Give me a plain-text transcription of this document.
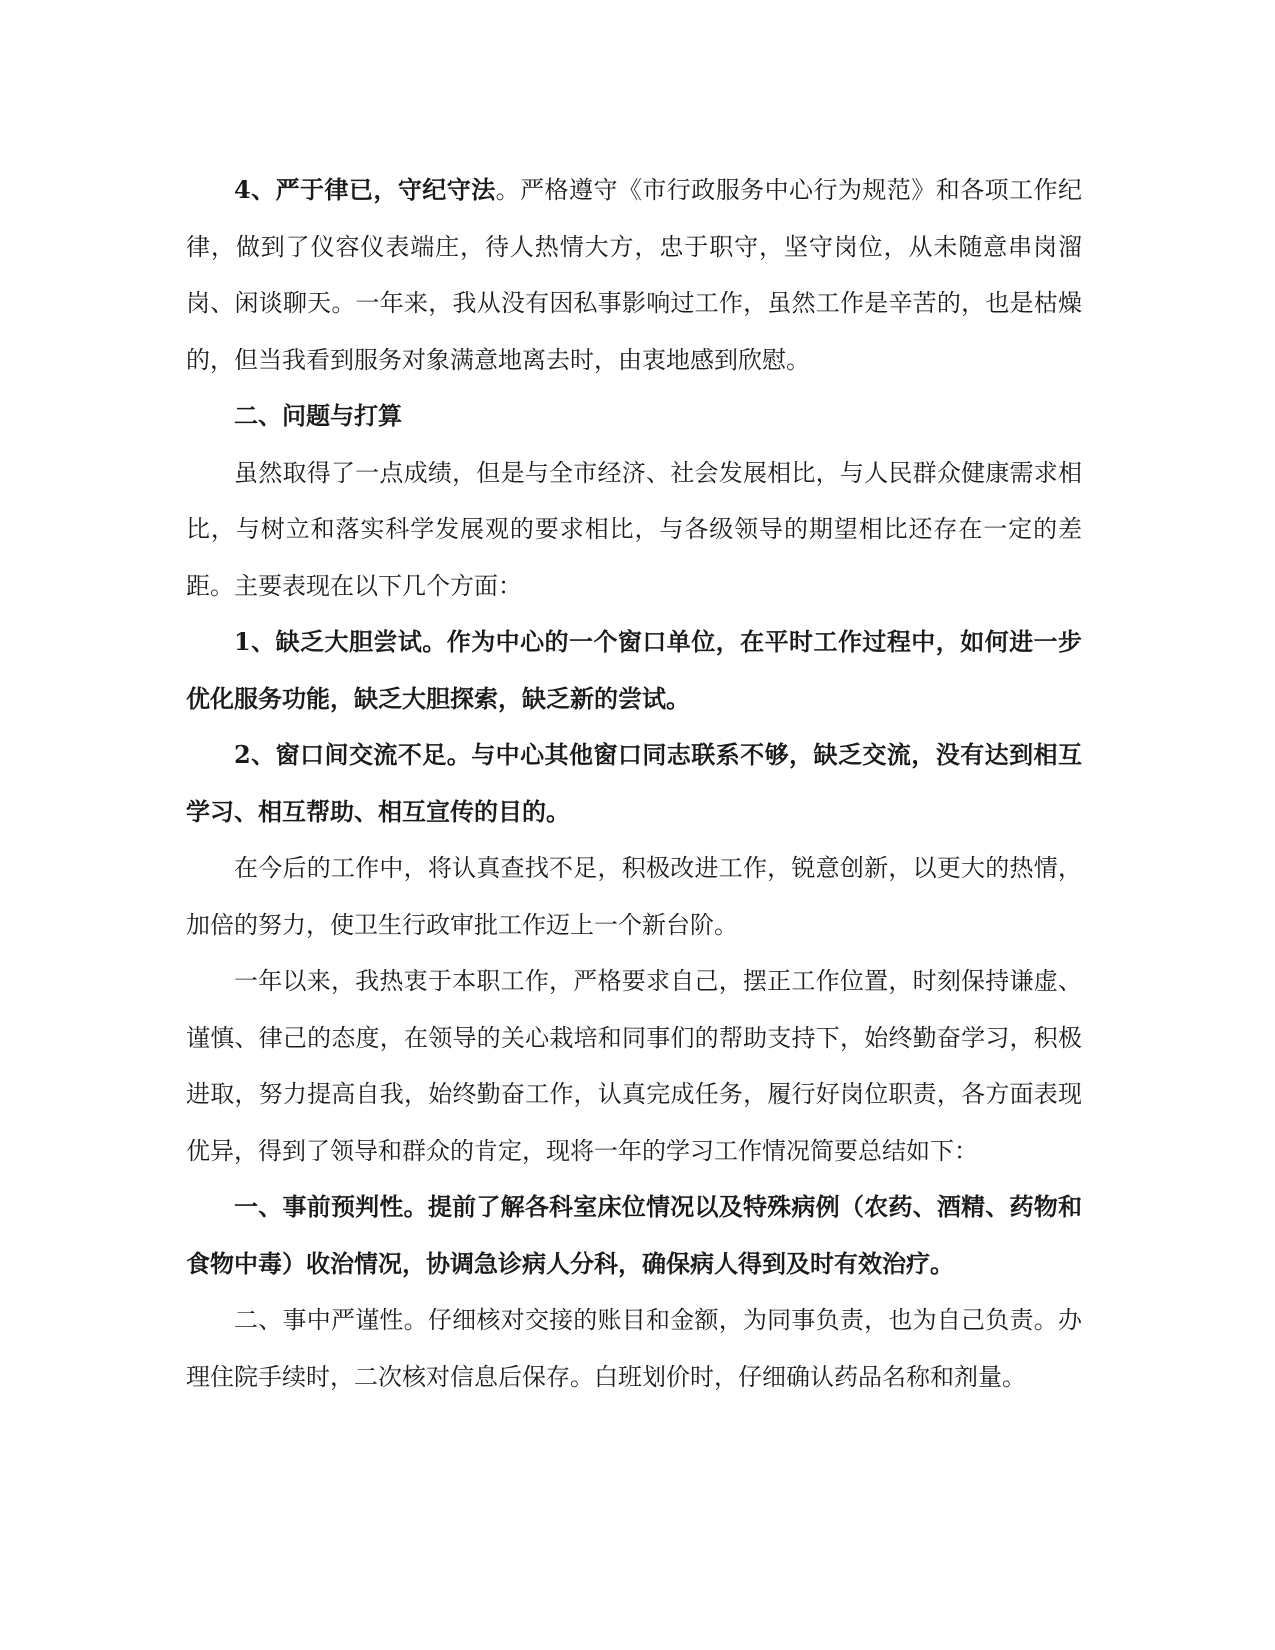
4、严于律已，守纪守法。严格遵守《市行政服务中心行为规范》和各项工作纪律，做到了仪容仪表端庄，待人热情大方，忠于职守，坚守岗位，从未随意串岗溜岗、闲谈聊天。一年来，我从没有因私事影响过工作，虽然工作是辛苦的，也是枯燥的，但当我看到服务对象满意地离去时，由衷地感到欣慰。

二、问题与打算

虽然取得了一点成绩，但是与全市经济、社会发展相比，与人民群众健康需求相比，与树立和落实科学发展观的要求相比，与各级领导的期望相比还存在一定的差距。主要表现在以下几个方面：

1、缺乏大胆尝试。作为中心的一个窗口单位，在平时工作过程中，如何进一步优化服务功能，缺乏大胆探索，缺乏新的尝试。

2、窗口间交流不足。与中心其他窗口同志联系不够，缺乏交流，没有达到相互学习、相互帮助、相互宣传的目的。

在今后的工作中，将认真查找不足，积极改进工作，锐意创新，以更大的热情，加倍的努力，使卫生行政审批工作迈上一个新台阶。

一年以来，我热衷于本职工作，严格要求自己，摆正工作位置，时刻保持谦虚、谨慎、律己的态度，在领导的关心栽培和同事们的帮助支持下，始终勤奋学习，积极进取，努力提高自我，始终勤奋工作，认真完成任务，履行好岗位职责，各方面表现优异，得到了领导和群众的肯定，现将一年的学习工作情况简要总结如下：

一、事前预判性。提前了解各科室床位情况以及特殊病例（农药、酒精、药物和食物中毒）收治情况，协调急诊病人分科，确保病人得到及时有效治疗。

二、事中严谨性。仔细核对交接的账目和金额，为同事负责，也为自己负责。办理住院手续时，二次核对信息后保存。白班划价时，仔细确认药品名称和剂量。
